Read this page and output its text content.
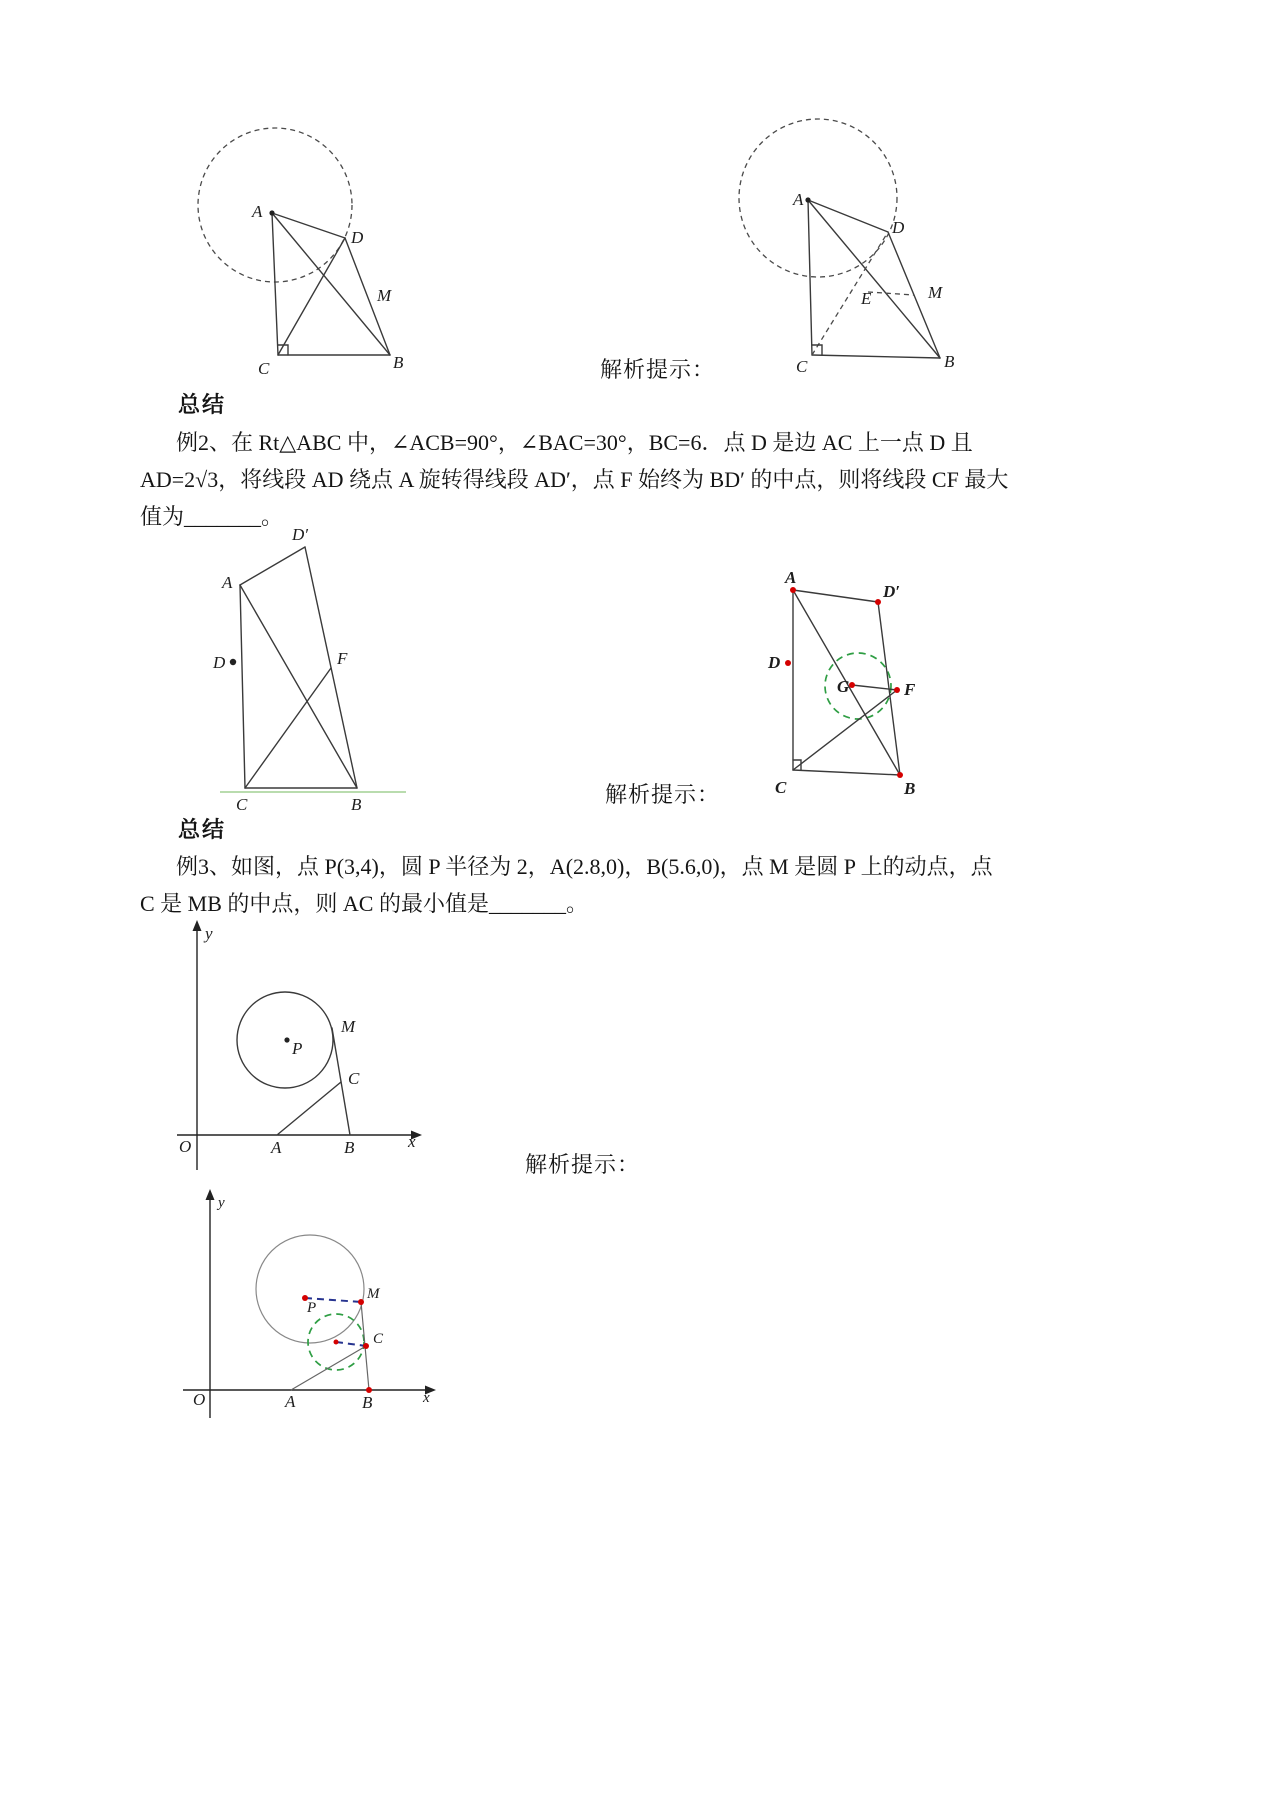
A
D
M
C	B
A
D
E	M
C	B
解析提示：
总结
例2、在 Rt△ABC 中，∠ACB=90°，∠BAC=30°，BC=6．点 D 是边 AC 上一点 D 且
AD=2√3，将线段 AD 绕点 A 旋转得线段 AD′，点 F 始终为 BD′ 的中点，则将线段 CF 最大
值为_______。
D′
A
D	F
C	B
A
D′
D
G	F
C	B
解析提示：
总结
例3、如图，点 P(3,4)，圆 P 半径为 2，A(2.8,0)，B(5.6,0)，点 M 是圆 P 上的动点，点
C 是 MB 的中点，则 AC 的最小值是_______。
y
x
O
P
M
C
A	B
解析提示：
y
x
O
P
M
C
A	B
